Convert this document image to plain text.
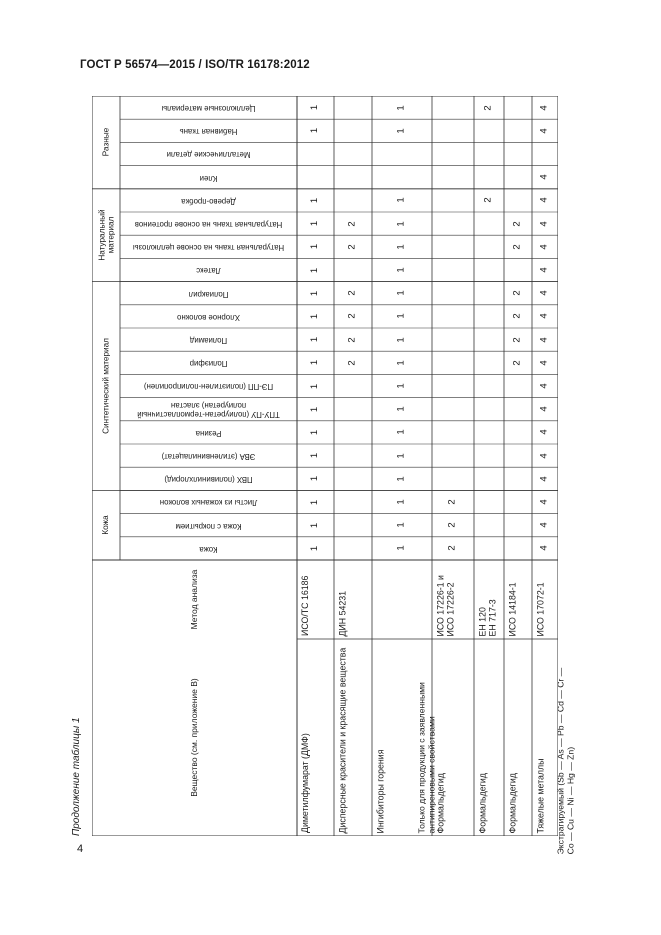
ГОСТ Р 56574—2015 / ISO/TR 16178:2012
Продолжение таблицы 1
4
Кожа
Кожа с покрытием
Листы из кожаных волокон
ПВХ (поливинилхлорид)
ЭВА (этиленвинилацетат)
Резина
ТПУ-ПУ (полиуретан-термопластичный полиуретан) эластан
ПЭ-ПП (полиэтилен-полипропилен)
Полиэфир
Полиамид
Хлорное волокно
Полиакрил
Латекс
Натуральная ткань на основе целлюлозы
Натуральная ткань на основе протеинов
Дерево-пробка
Клеи
Металлические детали
Набивная ткань
Целлюлозные материалы
Кожа
Синтетический материал
Натуральный материал
Разные
Метод анализа
Вещество (см. приложение В)
1
1
1
1
1
1
1
1
1
1
1
1
1
1
1
1
1
1
ИСО/TC 16186
Диметилфумарат (ДМФ)
2
2
2
2
2
2
ДИН 54231
Дисперсные красители и красящие вещества
1
1
1
1
1
1
1
1
1
1
1
1
1
1
1
1
1
1
Ингибиторы горения	Только для продукции с заявленными антипиреновыми свойствами
2
2
2
ИСО 17226-1 и ИСО 17226-2
Формальдегид
2
2
ЕН 120
ЕН 717-3
Формальдегид
2
2
2
2
2
2
ИСО 14184-1
Формальдегид
4
4
4
4
4
4
4
4
4
4
4
4
4
4
4
4
4
4
4
ИСО 17072-1
Тяжелые металлы	Экстрагируемый (Sb — As — Pb — Cd — Cr — Co — Cu — Ni — Hg — Zn)
